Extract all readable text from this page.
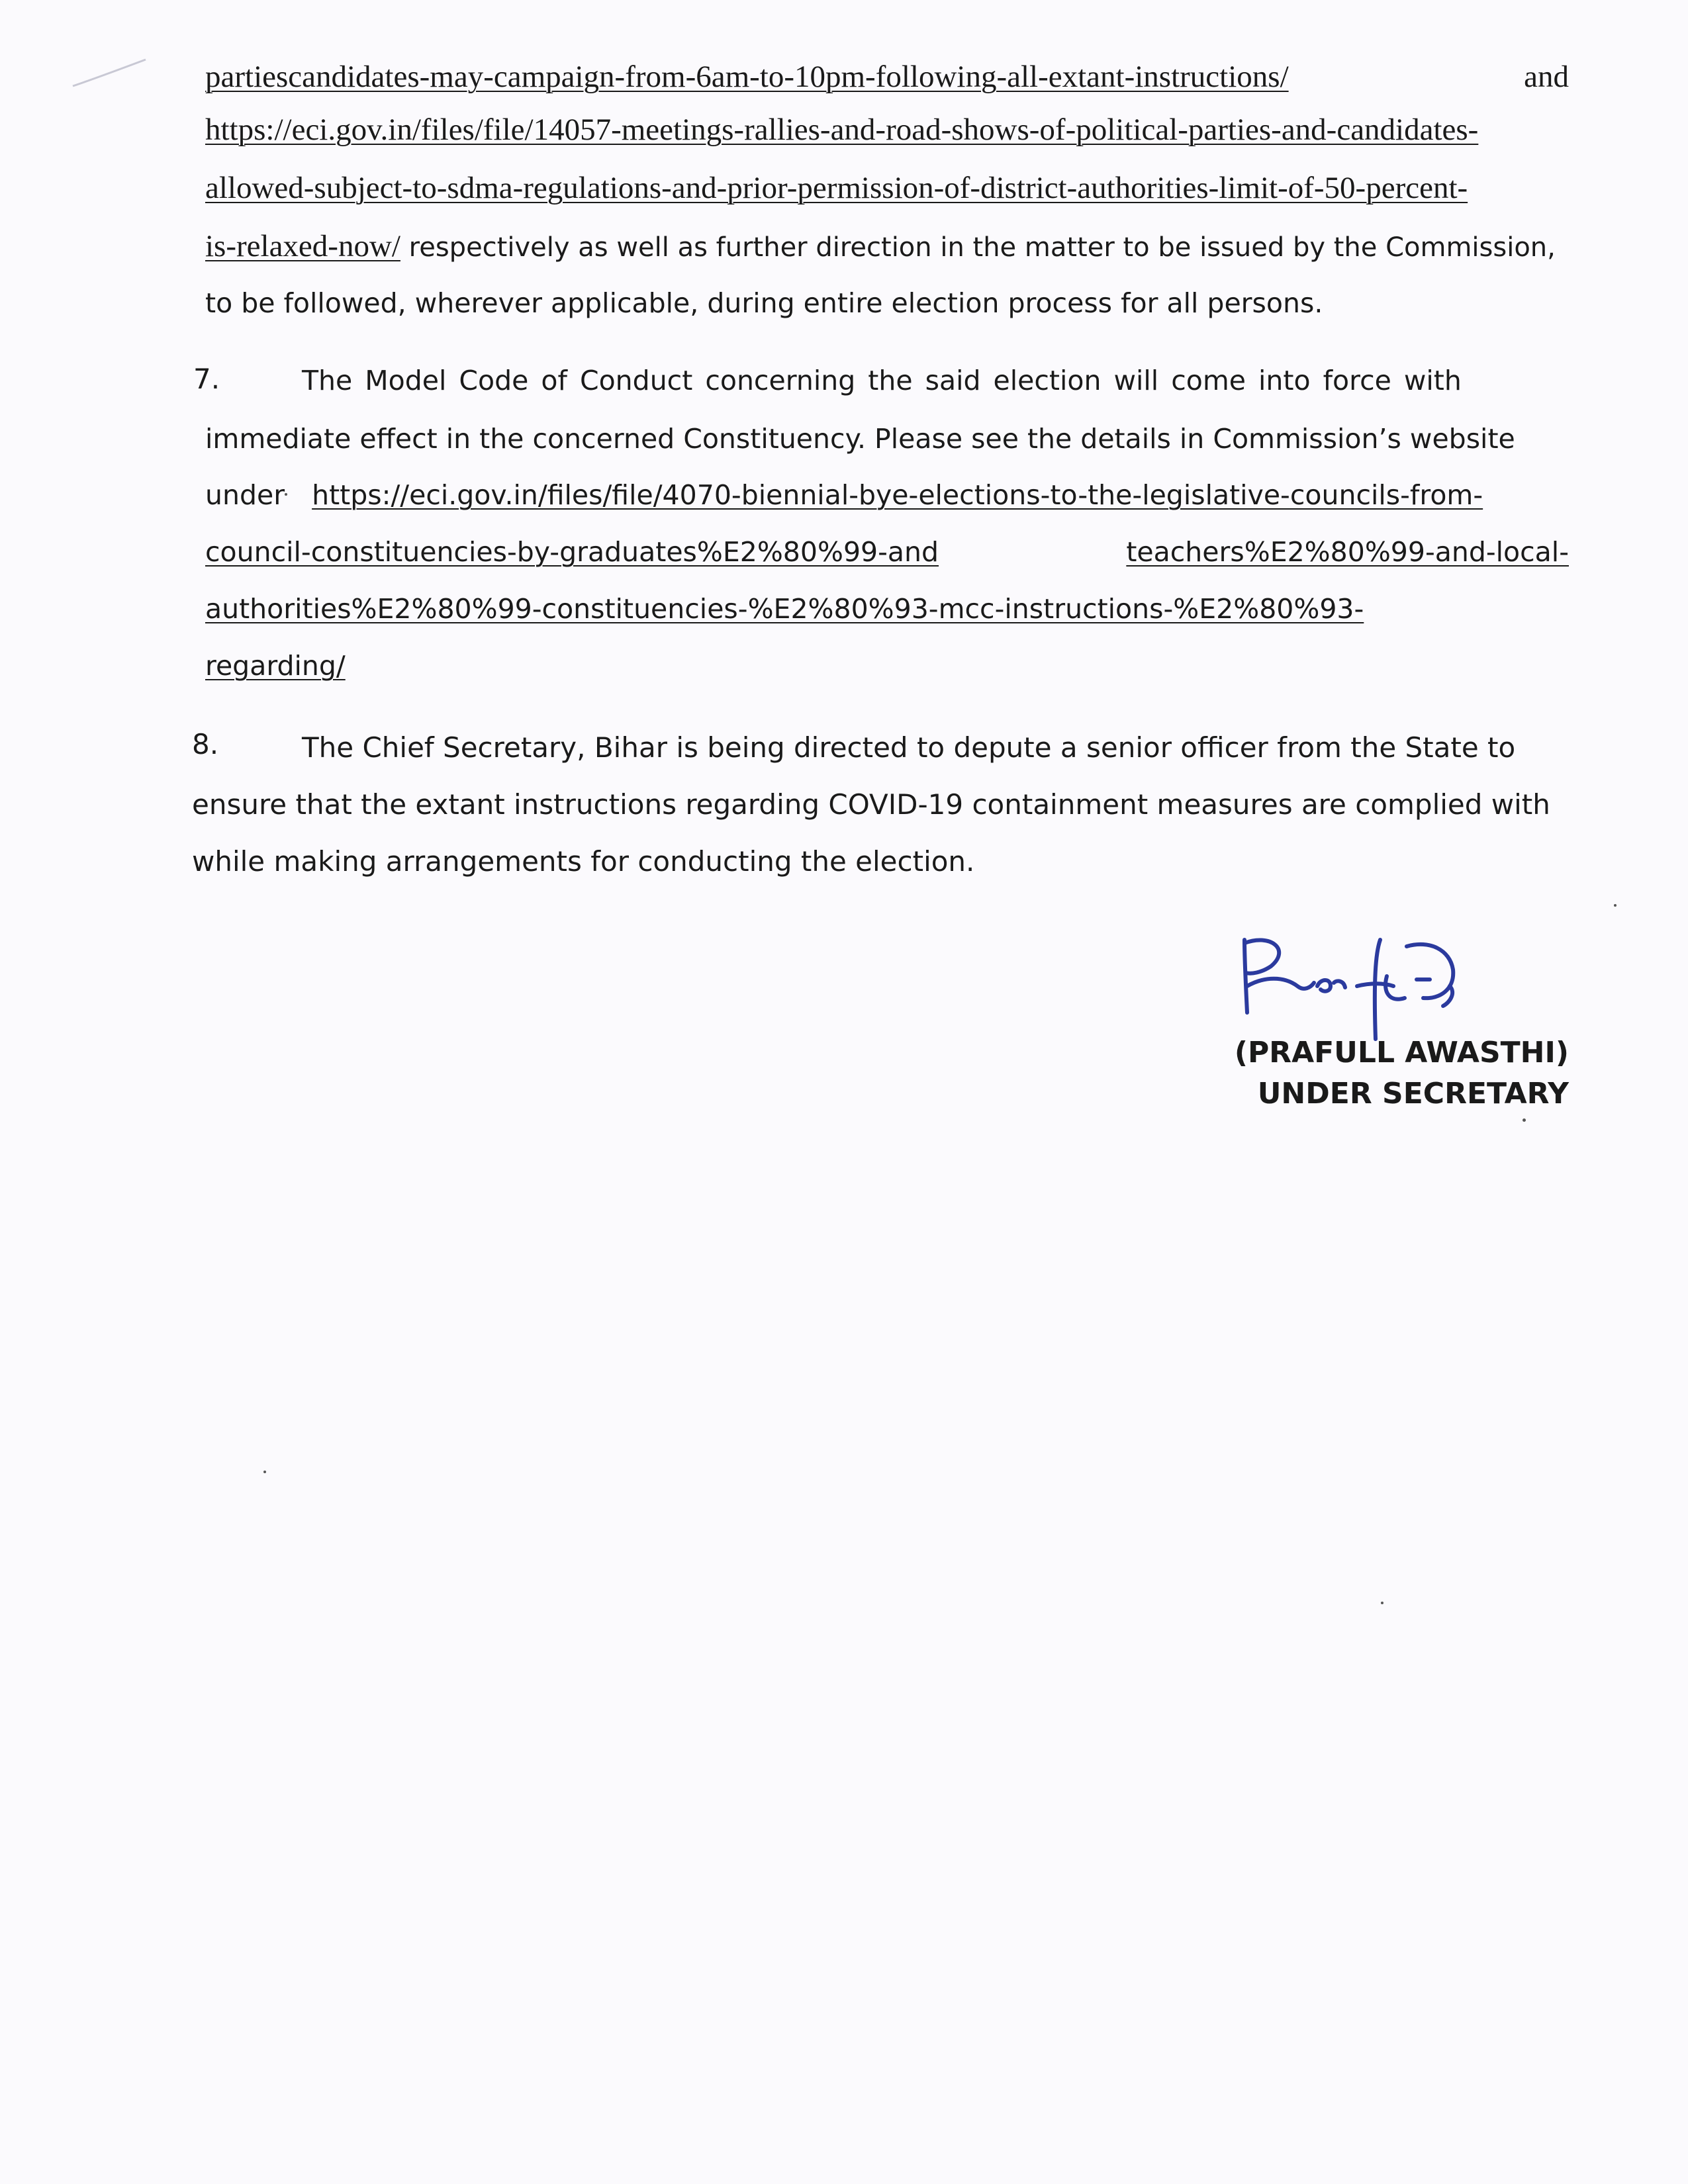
partiescandidates-may-campaign-from-6am-to-10pm-following-all-extant-instructions/	and
https://eci.gov.in/files/file/14057-meetings-rallies-and-road-shows-of-political-parties-and-candidates-
allowed-subject-to-sdma-regulations-and-prior-permission-of-district-authorities-limit-of-50-percent-
is-relaxed-now/ respectively as well as further direction in the matter to be issued by the Commission,
to be followed, wherever applicable, during entire election process for all persons.
7.	The Model Code of Conduct concerning the said election will come into force with
immediate effect in the concerned Constituency. Please see the details in Commission’s website
under https://eci.gov.in/files/file/4070-biennial-bye-elections-to-the-legislative-councils-from-
council-constituencies-by-graduates%E2%80%99-and	teachers%E2%80%99-and-local-
authorities%E2%80%99-constituencies-%E2%80%93-mcc-instructions-%E2%80%93-
regarding/
8.	The Chief Secretary, Bihar is being directed to depute a senior officer from the State to
ensure that the extant instructions regarding COVID-19 containment measures are complied with
while making arrangements for conducting the election.
(PRAFULL AWASTHI)
UNDER SECRETARY
